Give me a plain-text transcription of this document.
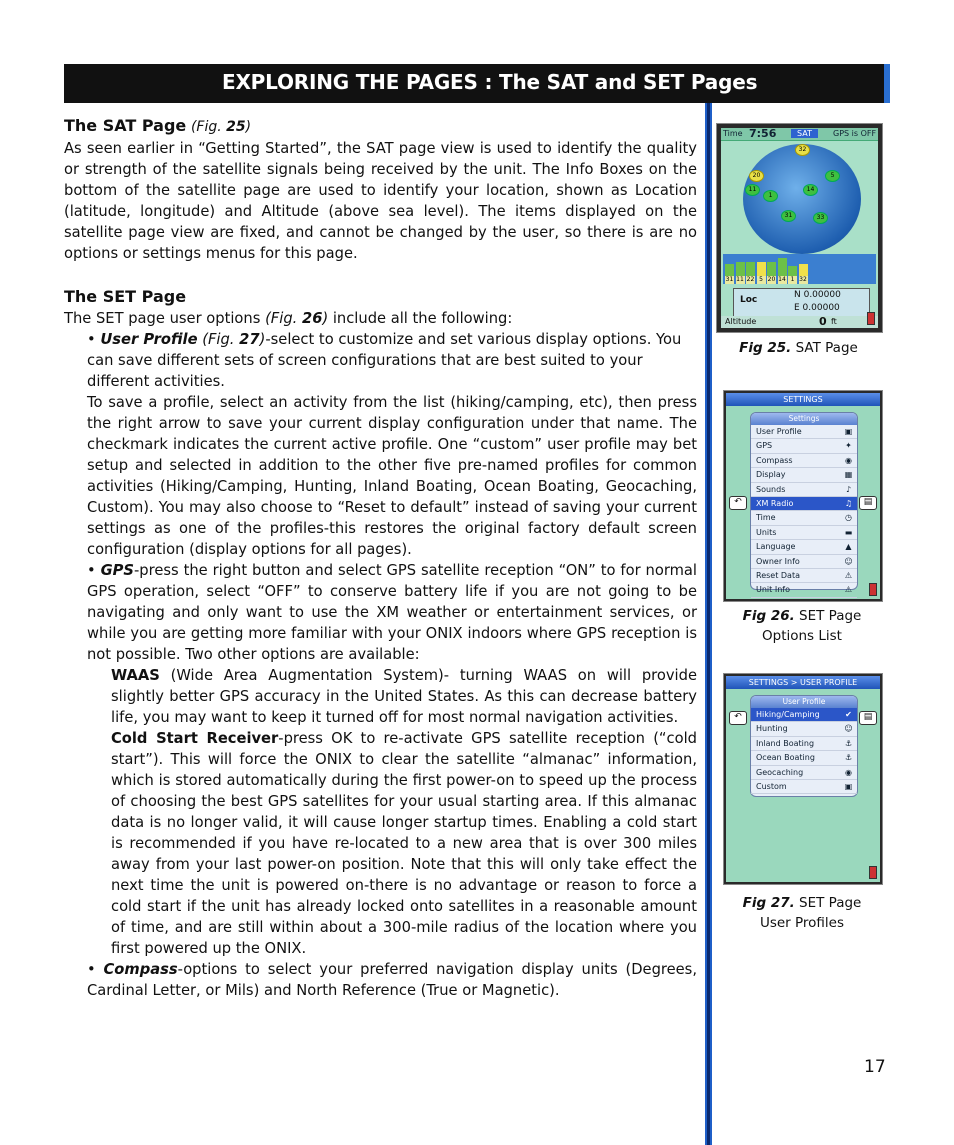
EXPLORING THE PAGES : The SAT and SET Pages

The SAT Page (Fig. 25)

As seen earlier in “Getting Started”, the SAT page view is used to identify the quality or strength of the satellite signals being received by the unit. The Info Boxes on the bottom of the satellite page are used to identify your location, shown as Location (latitude, longitude) and Altitude (above sea level). The items displayed on the satellite page view are fixed, and cannot be changed by the user, so there is are no options or settings menus for this page.

The SET Page

The SET page user options (Fig. 26) include all the following:

• User Profile (Fig. 27)-select to customize and set various display options. You can save different sets of screen configurations that are best suited to your different activities.

To save a profile, select an activity from the list (hiking/camping, etc), then press the right arrow to save your current display configuration under that name. The checkmark indicates the current active profile. One “custom” user profile may bet setup and selected in addition to the other five pre-named profiles for common activities (Hiking/Camping, Hunting, Inland Boating, Ocean Boating, Geocaching, Custom). You may also choose to “Reset to default” instead of saving your current settings as one of the profiles-this restores the original factory default screen configuration (display options for all pages).

• GPS-press the right button and select GPS satellite reception “ON” to for normal GPS operation, select “OFF” to conserve battery life if you are not going to be navigating and only want to use the XM weather or entertainment services, or while you are getting more familiar with your ONIX indoors where GPS reception is not possible. Two other options are available:

WAAS (Wide Area Augmentation System)- turning WAAS on will provide slightly better GPS accuracy in the United States. As this can decrease battery life, you may want to keep it turned off for most normal navigation activities.

Cold Start Receiver-press OK to re-activate GPS satellite reception (“cold start”). This will force the ONIX to clear the satellite “almanac” information, which is stored automatically during the first power-on to speed up the process of choosing the best GPS satellites for your usual starting area. If this almanac data is no longer valid, it will cause longer startup times. Enabling a cold start is recommended if you have re-located to a new area that is over 300 miles away from your last power-on position. Note that this will only take effect the next time the unit is powered on-there is no advantage or reason to force a cold start if the unit has already locked onto satellites in a reasonable amount of time, and are still within about a 300-mile radius of the location where you first powered up the ONIX.

• Compass-options to select your preferred navigation display units (Degrees, Cardinal Letter, or Mils) and North Reference (True or Magnetic).

Time 7:56	SAT	GPS is OFF
32
20	5
11
1
14
31	33
31 11 22 5 20 14 1 32
Loc	N 0.00000
E 0.00000
Altitude	0 ft
Fig 25. SAT Page
SETTINGS
↶	▤
Settings
User Profile	▣
GPS	✦
Compass	◉
Display	▦
Sounds	♪
XM Radio	♫
Time	◷
Units	▬
Language	▲
Owner Info	☺
Reset Data	⚠
Unit Info	⚠
Fig 26. SET Page
Options List
SETTINGS > USER PROFILE
↶	▤
User Profile
Hiking/Camping	✔
Hunting	☺
Inland Boating	⚓
Ocean Boating	⚓
Geocaching	◉
Custom	▣
Fig 27. SET Page
User Profiles
17
